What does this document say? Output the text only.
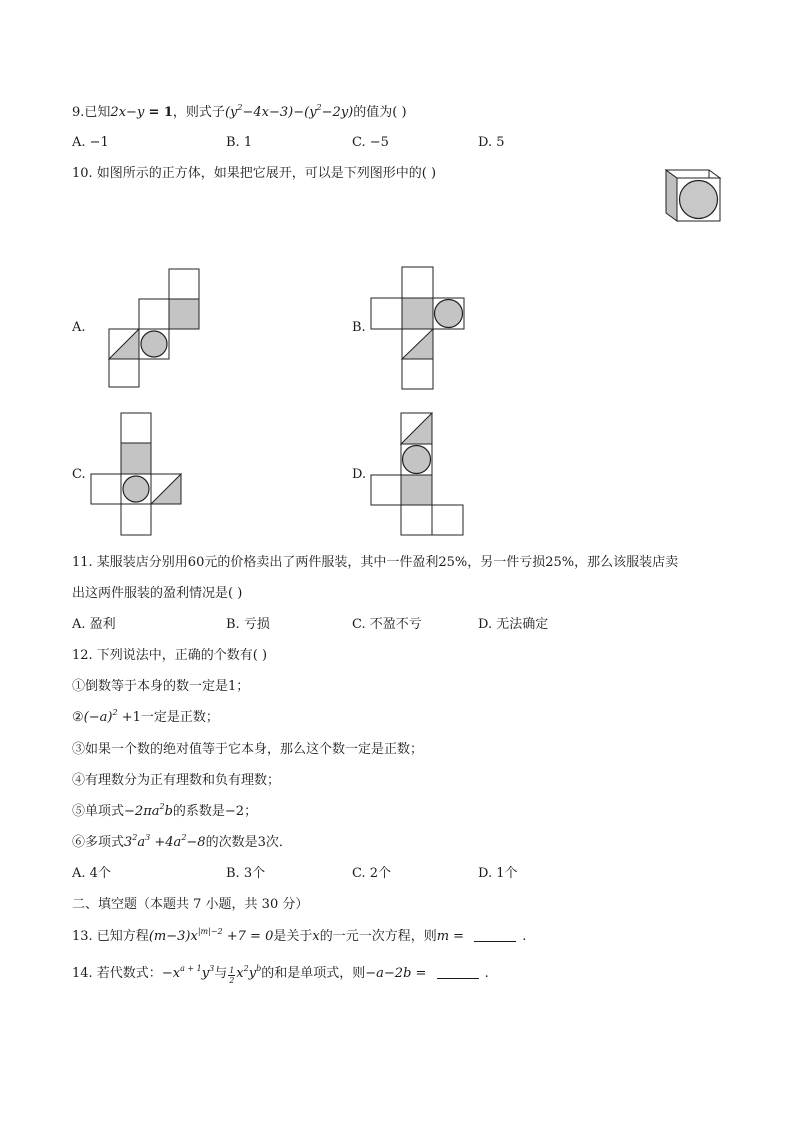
9.已知2x−y = 1，则式子$(y^2-4x-3)-(y^2-2y)$的值为( )
A. −1	B. 1	C. −5	D. 5
10. 如图所示的正方体，如果把它展开，可以是下列图形中的( )
A.	B.
C.	D.
11. 某服装店分别用60元的价格卖出了两件服装，其中一件盈利25%，另一件亏损25%，那么该服装店卖
出这两件服装的盈利情况是( )
A. 盈利	B. 亏损	C. 不盈不亏	D. 无法确定
12. 下列说法中，正确的个数有( )
①倒数等于本身的数一定是1；
$②(-a)^2 +1$一定是正数；
③如果一个数的绝对值等于它本身，那么这个数一定是正数；
④有理数分为正有理数和负有理数；
⑤单项式$-2\pi a^2b$的系数是−2；
⑥多项式$3^2a^3 +4a^2-8$的次数是3次．
A. 4个	B. 3个	C. 2个	D. 1个
二、填空题（本题共 7 小题，共 30 分）
13. 已知方程$(m-3)x^{|m|-2} +7 = 0$是关于x的一元一次方程，则m =	.
14. 若代数式：$-x^{a + 1}y^3$与 $\frac{1}{2} x^2y^b$的和是单项式，则−a−2b =	.
